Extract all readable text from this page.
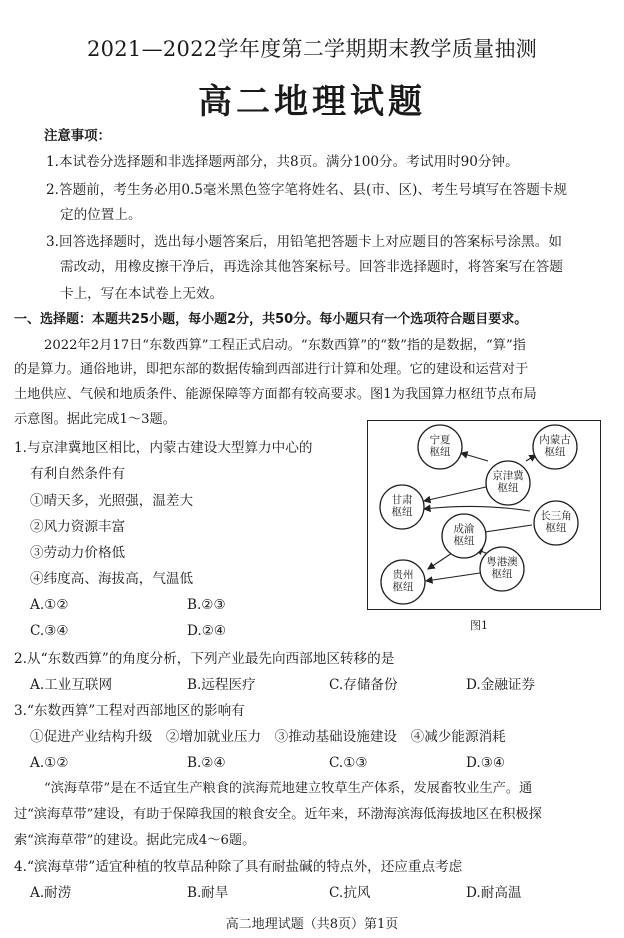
2021—2022学年度第二学期期末教学质量抽测
高二地理试题
注意事项：
1.本试卷分选择题和非选择题两部分，共8页。满分100分。考试用时90分钟。
2.答题前，考生务必用0.5毫米黑色签字笔将姓名、县(市、区)、考生号填写在答题卡规
定的位置上。
3.回答选择题时，选出每小题答案后，用铅笔把答题卡上对应题目的答案标号涂黑。如
需改动，用橡皮擦干净后，再选涂其他答案标号。回答非选择题时，将答案写在答题
卡上，写在本试卷上无效。
一、选择题：本题共25小题，每小题2分，共50分。每小题只有一个选项符合题目要求。
2022年2月17日“东数西算”工程正式启动。“东数西算”的“数”指的是数据，“算”指
的是算力。通俗地讲，即把东部的数据传输到西部进行计算和处理。它的建设和运营对于
土地供应、气候和地质条件、能源保障等方面都有较高要求。图1为我国算力枢纽节点布局
示意图。据此完成1～3题。
1.与京津冀地区相比，内蒙古建设大型算力中心的
有利自然条件有
①晴天多，光照强，温差大
②风力资源丰富
③劳动力价格低
④纬度高、海拔高，气温低
A.①②	B.②③
C.③④	D.②④
宁夏
枢纽
内蒙古
枢纽
京津冀
枢纽
甘肃
枢纽	长三角
枢纽
成渝
枢纽
粤港澳
枢纽
贵州
枢纽
图1
2.从“东数西算”的角度分析，下列产业最先向西部地区转移的是
A.工业互联网	B.远程医疗	C.存储备份	D.金融证券
3.“东数西算”工程对西部地区的影响有
①促进产业结构升级　②增加就业压力　③推动基础设施建设　④减少能源消耗
A.①②	B.②④	C.①③	D.③④
“滨海草带”是在不适宜生产粮食的滨海荒地建立牧草生产体系，发展畜牧业生产。通
过“滨海草带”建设，有助于保障我国的粮食安全。近年来，环渤海滨海低海拔地区在积极探
索“滨海草带”的建设。据此完成4～6题。
4.“滨海草带”适宜种植的牧草品种除了具有耐盐碱的特点外，还应重点考虑
A.耐涝	B.耐旱	C.抗风	D.耐高温
高二地理试题（共8页）第1页
